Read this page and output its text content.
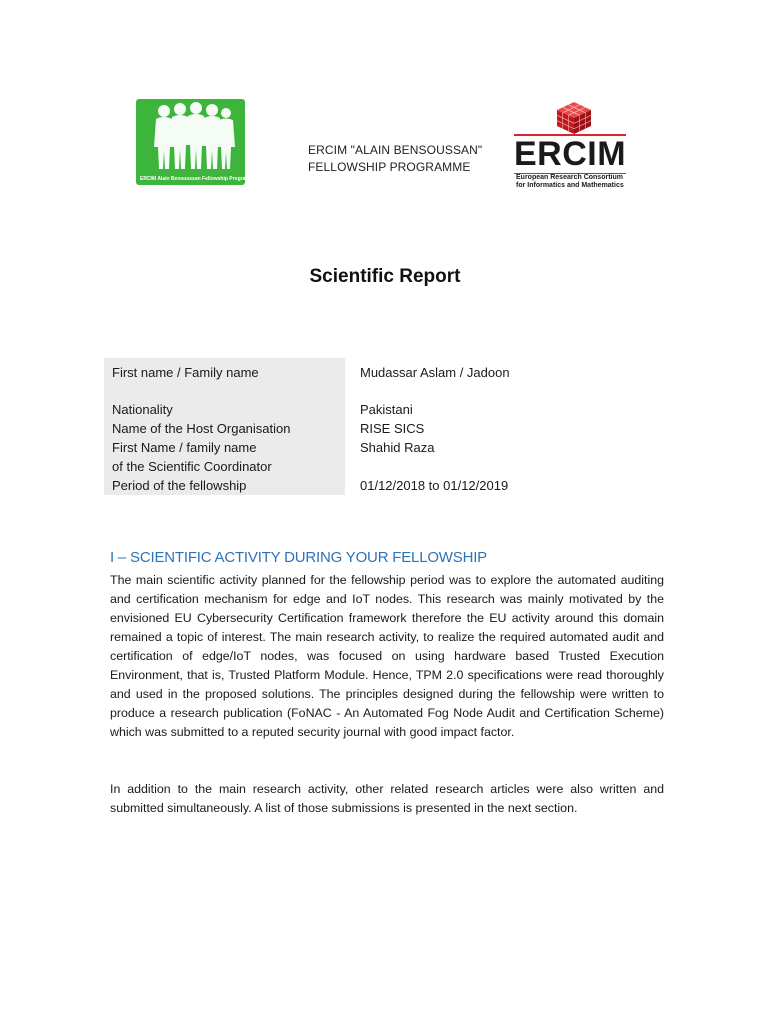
ERCIM Alain Bensoussan Fellowship Programme
ERCIM "ALAIN BENSOUSSAN"
FELLOWSHIP PROGRAMME	ERCIM
European Research Consortium
for Informatics and Mathematics
Scientific Report
First name / Family name	Mudassar Aslam / Jadoon
Nationality	Pakistani
Name of the Host Organisation	RISE SICS
First Name / family name	Shahid Raza
of the Scientific Coordinator
Period of the fellowship	01/12/2018 to 01/12/2019
I – SCIENTIFIC ACTIVITY DURING YOUR FELLOWSHIP
The main scientific activity planned for the fellowship period was to explore the automated auditing and certification mechanism for edge and IoT nodes. This research was mainly motivated by the envisioned EU Cybersecurity Certification framework therefore the EU activity around this domain remained a topic of interest. The main research activity, to realize the required automated audit and certification of edge/IoT nodes, was focused on using hardware based Trusted Execution Environment, that is, Trusted Platform Module. Hence, TPM 2.0 specifications were read thoroughly and used in the proposed solutions. The principles designed during the fellowship were written to produce a research publication (FoNAC - An Automated Fog Node Audit and Certification Scheme) which was submitted to a reputed security journal with good impact factor.
In addition to the main research activity, other related research articles were also written and submitted simultaneously. A list of those submissions is presented in the next section.
